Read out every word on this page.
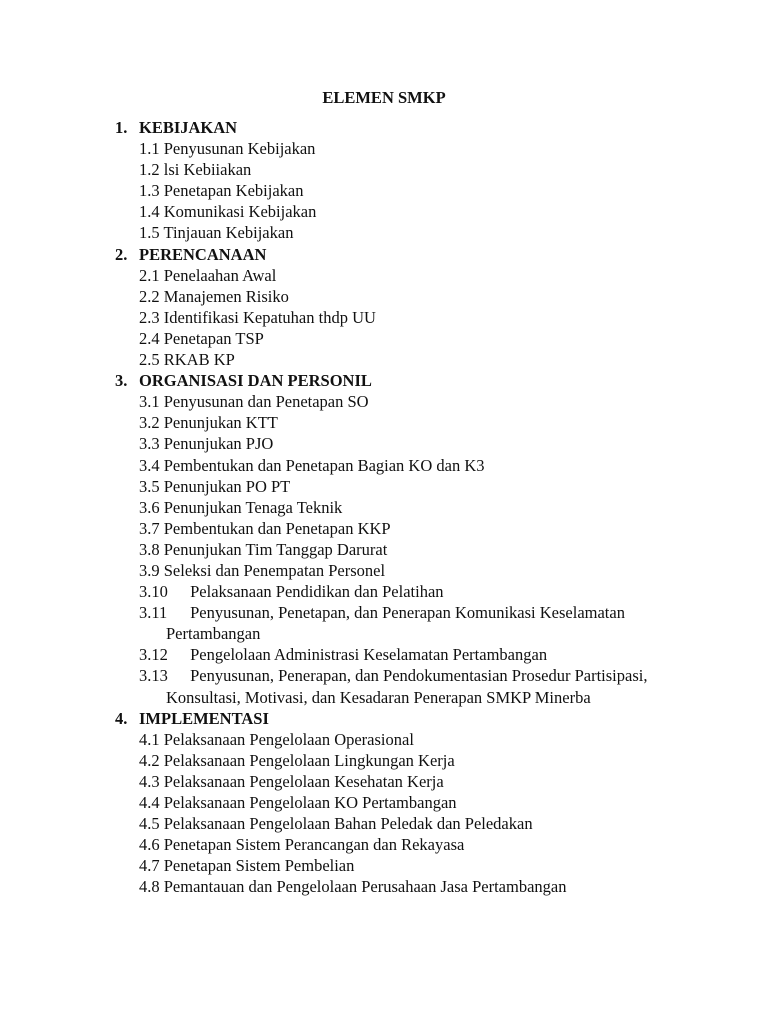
ELEMEN SMKP
1. KEBIJAKAN
1.1 Penyusunan Kebijakan
1.2 lsi Kebiiakan
1.3 Penetapan Kebijakan
1.4 Komunikasi Kebijakan
1.5 Tinjauan Kebijakan
2. PERENCANAAN
2.1 Penelaahan Awal
2.2 Manajemen Risiko
2.3 Identifikasi Kepatuhan thdp UU
2.4 Penetapan TSP
2.5 RKAB KP
3. ORGANISASI DAN PERSONIL
3.1 Penyusunan dan Penetapan SO
3.2 Penunjukan KTT
3.3 Penunjukan PJO
3.4 Pembentukan dan Penetapan Bagian KO dan K3
3.5 Penunjukan PO PT
3.6 Penunjukan Tenaga Teknik
3.7 Pembentukan dan Penetapan KKP
3.8 Penunjukan Tim Tanggap Darurat
3.9 Seleksi dan Penempatan Personel
3.10 Pelaksanaan Pendidikan dan Pelatihan
3.11 Penyusunan, Penetapan, dan Penerapan Komunikasi Keselamatan Pertambangan
3.12 Pengelolaan Administrasi Keselamatan Pertambangan
3.13 Penyusunan, Penerapan, dan Pendokumentasian Prosedur Partisipasi, Konsultasi, Motivasi, dan Kesadaran Penerapan SMKP Minerba
4. IMPLEMENTASI
4.1 Pelaksanaan Pengelolaan Operasional
4.2 Pelaksanaan Pengelolaan Lingkungan Kerja
4.3 Pelaksanaan Pengelolaan Kesehatan Kerja
4.4 Pelaksanaan Pengelolaan KO Pertambangan
4.5 Pelaksanaan Pengelolaan Bahan Peledak dan Peledakan
4.6 Penetapan Sistem Perancangan dan Rekayasa
4.7 Penetapan Sistem Pembelian
4.8 Pemantauan dan Pengelolaan Perusahaan Jasa Pertambangan
